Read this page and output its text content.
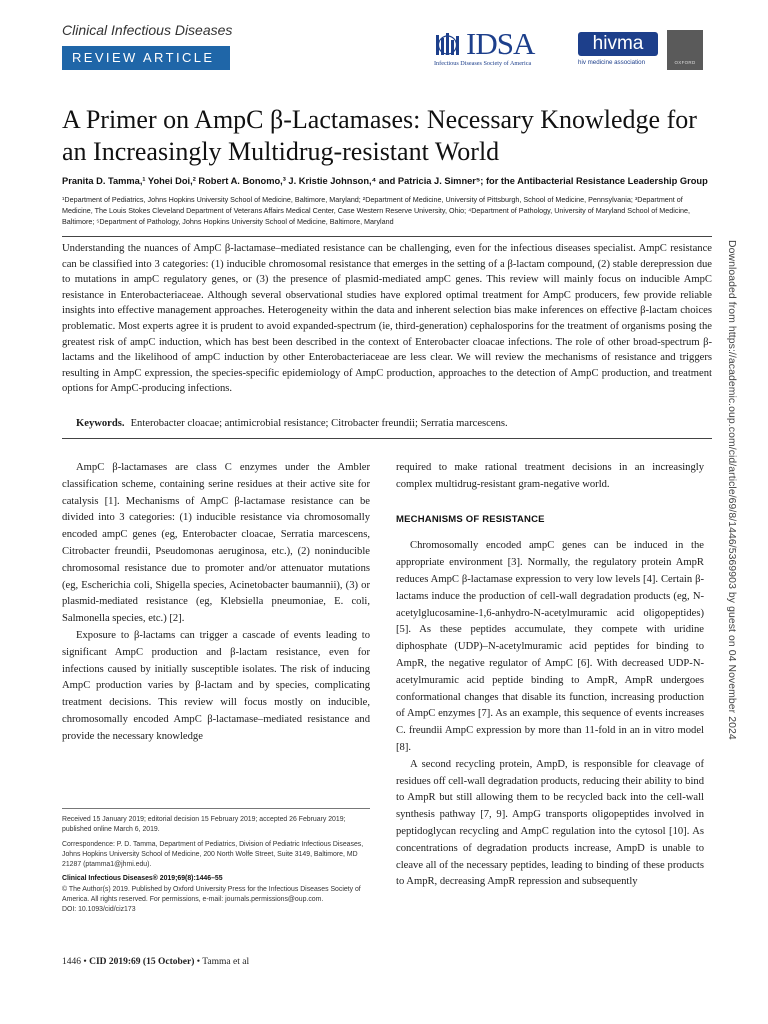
Clinical Infectious Diseases
REVIEW ARTICLE	IDSA
Infectious Diseases Society of America
hivma
hiv medicine association	OXFORD
A Primer on AmpC β-Lactamases: Necessary Knowledge for an Increasingly Multidrug-resistant World
Pranita D. Tamma,¹ Yohei Doi,² Robert A. Bonomo,³ J. Kristie Johnson,⁴ and Patricia J. Simner⁵; for the Antibacterial Resistance Leadership Group
¹Department of Pediatrics, Johns Hopkins University School of Medicine, Baltimore, Maryland; ²Department of Medicine, University of Pittsburgh, School of Medicine, Pennsylvania; ³Department of Medicine, The Louis Stokes Cleveland Department of Veterans Affairs Medical Center, Case Western Reserve University, Ohio; ⁴Department of Pathology, University of Maryland School of Medicine, Baltimore; ⁵Department of Pathology, Johns Hopkins University School of Medicine, Baltimore, Maryland
Understanding the nuances of AmpC β-lactamase–mediated resistance can be challenging, even for the infectious diseases specialist. AmpC resistance can be classified into 3 categories: (1) inducible chromosomal resistance that emerges in the setting of a β-lactam compound, (2) stable derepression due to mutations in ampC regulatory genes, or (3) the presence of plasmid-mediated ampC genes. This review will mainly focus on inducible AmpC resistance in Enterobacteriaceae. Although several observational studies have explored optimal treatment for AmpC producers, few provide reliable insights into effective management approaches. Heterogeneity within the data and inherent selection bias make inferences on effective β-lactam choices problematic. Most experts agree it is prudent to avoid expanded-spectrum (ie, third-generation) cephalosporins for the treatment of organisms posing the greatest risk of ampC induction, which has best been described in the context of Enterobacter cloacae infections. The role of other broad-spectrum β-lactams and the likelihood of ampC induction by other Enterobacteriaceae are less clear. We will review the mechanisms of resistance and triggers resulting in AmpC expression, the species-specific epidemiology of AmpC production, approaches to the detection of AmpC production, and treatment options for AmpC-producing infections.
Keywords. Enterobacter cloacae; antimicrobial resistance; Citrobacter freundii; Serratia marcescens.

AmpC β-lactamases are class C enzymes under the Ambler classification scheme, containing serine residues at their active site for catalysis [1]. Mechanisms of AmpC β-lactamase resistance can be divided into 3 categories: (1) inducible resistance via chromosomally encoded ampC genes (eg, Enterobacter cloacae, Serratia marcescens, Citrobacter freundii, Pseudomonas aeruginosa, etc.), (2) noninducible chromosomal resistance due to promoter and/or attenuator mutations (eg, Escherichia coli, Shigella species, Acinetobacter baumannii), (3) or plasmid-mediated resistance (eg, Klebsiella pneumoniae, E. coli, Salmonella species, etc.) [2].

Exposure to β-lactams can trigger a cascade of events leading to significant AmpC production and β-lactam resistance, even for infections caused by initially susceptible isolates. The risk of inducing AmpC production varies by β-lactam and by species, complicating treatment decisions. This review will focus mostly on inducible, chromosomally encoded AmpC β-lactamase–mediated resistance and provide the necessary knowledge

required to make rational treatment decisions in an increasingly complex multidrug-resistant gram-negative world.

MECHANISMS OF RESISTANCE

Chromosomally encoded ampC genes can be induced in the appropriate environment [3]. Normally, the regulatory protein AmpR reduces AmpC β-lactamase expression to very low levels [4]. Certain β-lactams induce the production of cell-wall degradation products (eg, N-acetylglucosamine-1,6-anhydro-N-acetylmuramic acid oligopeptides) [5]. As these peptides accumulate, they compete with uridine diphosphate (UDP)–N-acetylmuramic acid peptides for binding to AmpR, the negative regulator of AmpC [6]. With decreased UDP-N-acetylmuramic acid peptide binding to AmpR, AmpR undergoes conformational changes that disable its function, increasing production of AmpC enzymes [7]. As an example, this sequence of events increases C. freundii AmpC expression by more than 11-fold in an in vitro model [8].

A second recycling protein, AmpD, is responsible for cleavage of residues off cell-wall degradation products, reducing their ability to bind to AmpR but still allowing them to be recycled back into the cell-wall synthesis pathway [7, 9]. AmpG transports oligopeptides involved in peptidoglycan recycling and AmpC regulation into the cytosol [10]. As concentrations of degradation products increase, AmpD is unable to cleave all of the necessary peptides, leading to binding of these products to AmpR, decreasing AmpR repression and subsequently

Received 15 January 2019; editorial decision 15 February 2019; accepted 26 February 2019; published online March 6, 2019.

Correspondence: P. D. Tamma, Department of Pediatrics, Division of Pediatric Infectious Diseases, Johns Hopkins University School of Medicine, 200 North Wolfe Street, Suite 3149, Baltimore, MD 21287 (ptamma1@jhmi.edu).

Clinical Infectious Diseases® 2019;69(8):1446–55

© The Author(s) 2019. Published by Oxford University Press for the Infectious Diseases Society of America. All rights reserved. For permissions, e-mail: journals.permissions@oup.com.

DOI: 10.1093/cid/ciz173

Downloaded from https://academic.oup.com/cid/article/69/8/1446/5369903 by guest on 04 November 2024
1446 • CID 2019:69 (15 October) • Tamma et al
